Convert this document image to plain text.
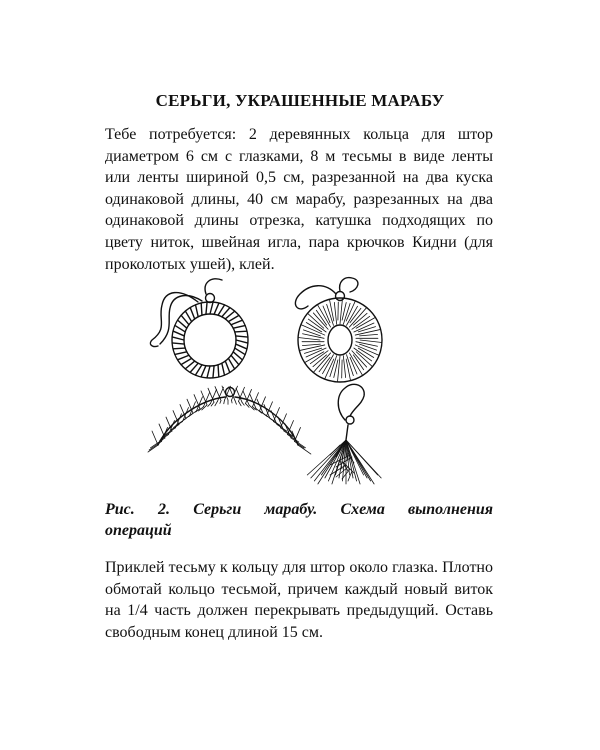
СЕРЬГИ, УКРАШЕННЫЕ МАРАБУ
Тебе потребуется: 2 деревянных кольца для штор диаметром 6 см с глазками, 8 м тесьмы в виде ленты или ленты шириной 0,5 см, разрезанной на два куска одинаковой длины, 40 см марабу, разрезанных на два одинаковой длины отрезка, катушка подходящих по цвету ниток, швейная игла, пара крючков Кидни (для проколотых ушей), клей.
Рис. 2. Серьги марабу. Схема выполнения
операций
Приклей тесьму к кольцу для штор около глазка. Плотно обмотай кольцо тесьмой, причем каждый новый виток на 1/4 часть должен перекрывать предыдущий. Оставь свободным конец длиной 15 см.
